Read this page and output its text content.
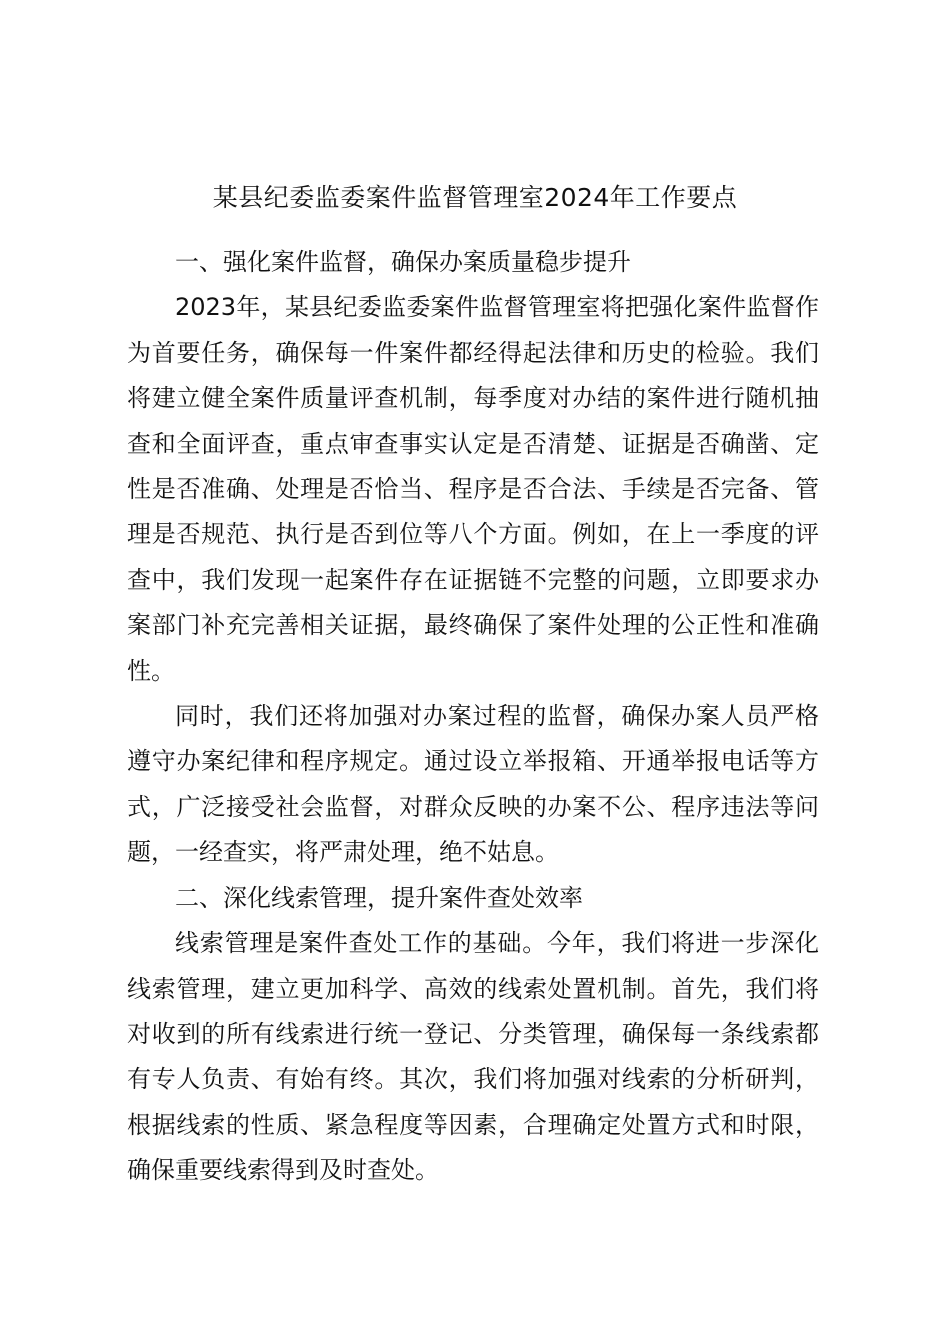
某县纪委监委案件监督管理室2024年工作要点

一、强化案件监督，确保办案质量稳步提升

2023年，某县纪委监委案件监督管理室将把强化案件监督作为首要任务，确保每一件案件都经得起法律和历史的检验。我们将建立健全案件质量评查机制，每季度对办结的案件进行随机抽查和全面评查，重点审查事实认定是否清楚、证据是否确凿、定性是否准确、处理是否恰当、程序是否合法、手续是否完备、管理是否规范、执行是否到位等八个方面。例如，在上一季度的评查中，我们发现一起案件存在证据链不完整的问题，立即要求办案部门补充完善相关证据，最终确保了案件处理的公正性和准确性。

同时，我们还将加强对办案过程的监督，确保办案人员严格遵守办案纪律和程序规定。通过设立举报箱、开通举报电话等方式，广泛接受社会监督，对群众反映的办案不公、程序违法等问题，一经查实，将严肃处理，绝不姑息。

二、深化线索管理，提升案件查处效率

线索管理是案件查处工作的基础。今年，我们将进一步深化线索管理，建立更加科学、高效的线索处置机制。首先，我们将对收到的所有线索进行统一登记、分类管理，确保每一条线索都有专人负责、有始有终。其次，我们将加强对线索的分析研判，根据线索的性质、紧急程度等因素，合理确定处置方式和时限，确保重要线索得到及时查处。
